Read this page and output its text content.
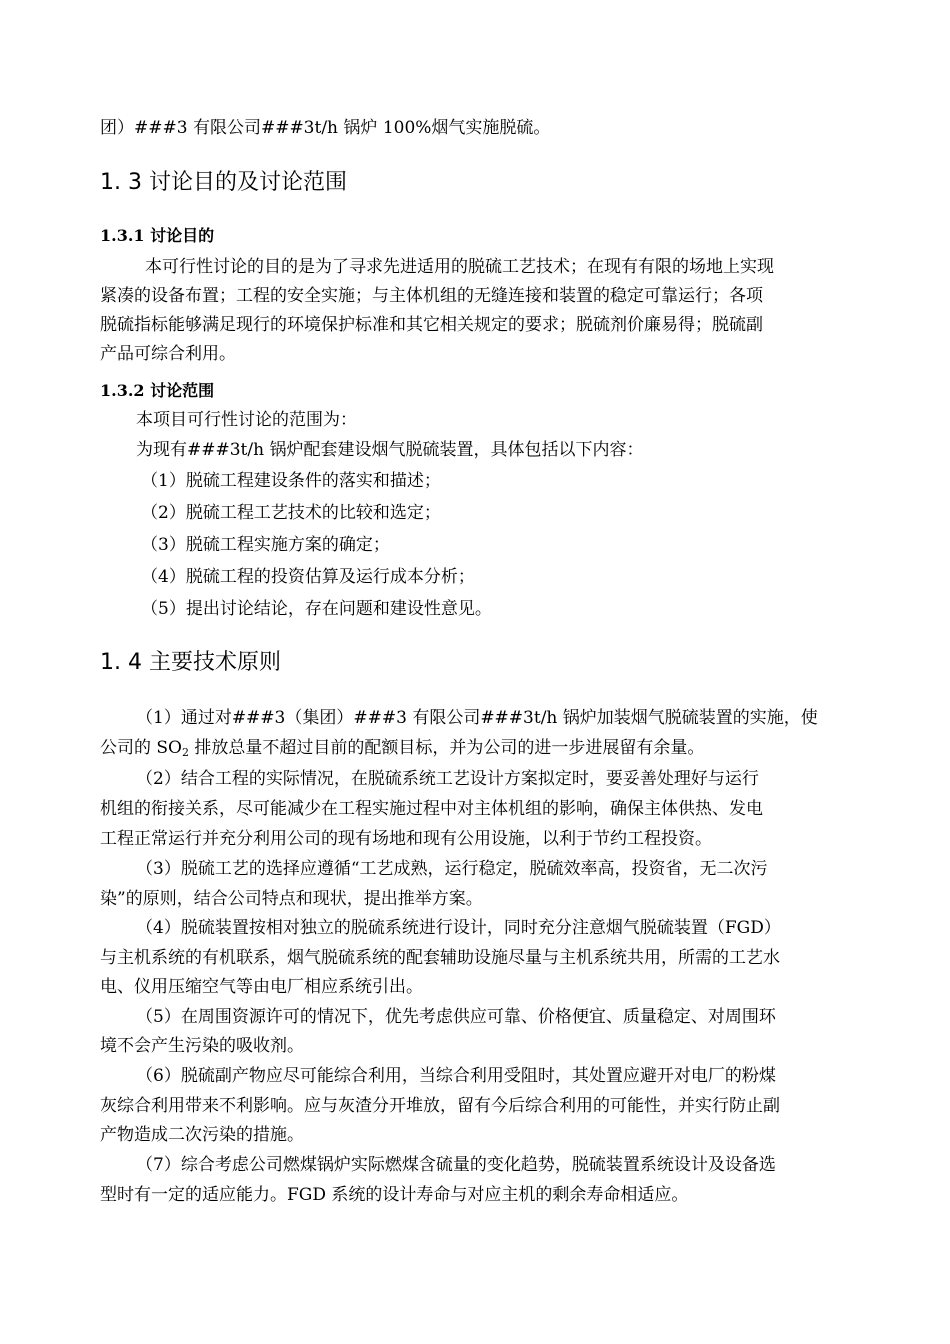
团）###3 有限公司###3t/h 锅炉 100%烟气实施脱硫。
1. 3 讨论目的及讨论范围
1.3.1 讨论目的
本可行性讨论的目的是为了寻求先进适用的脱硫工艺技术；在现有有限的场地上实现
紧凑的设备布置；工程的安全实施；与主体机组的无缝连接和装置的稳定可靠运行；各项
脱硫指标能够满足现行的环境保护标准和其它相关规定的要求；脱硫剂价廉易得；脱硫副
产品可综合利用。
1.3.2 讨论范围
本项目可行性讨论的范围为：
为现有###3t/h 锅炉配套建设烟气脱硫装置，具体包括以下内容：
（1）脱硫工程建设条件的落实和描述；
（2）脱硫工程工艺技术的比较和选定；
（3）脱硫工程实施方案的确定；
（4）脱硫工程的投资估算及运行成本分析；
（5）提出讨论结论，存在问题和建设性意见。
1. 4 主要技术原则
（1）通过对###3（集团）###3 有限公司###3t/h 锅炉加装烟气脱硫装置的实施，使
公司的 $SO_2$ 排放总量不超过目前的配额目标，并为公司的进一步进展留有余量。
（2）结合工程的实际情况，在脱硫系统工艺设计方案拟定时，要妥善处理好与运行
机组的衔接关系，尽可能减少在工程实施过程中对主体机组的影响，确保主体供热、发电
工程正常运行并充分利用公司的现有场地和现有公用设施，以利于节约工程投资。
（3）脱硫工艺的选择应遵循“工艺成熟，运行稳定，脱硫效率高，投资省，无二次污
染”的原则，结合公司特点和现状，提出推举方案。
（4）脱硫装置按相对独立的脱硫系统进行设计，同时充分注意烟气脱硫装置（FGD）
与主机系统的有机联系，烟气脱硫系统的配套辅助设施尽量与主机系统共用，所需的工艺水
电、仪用压缩空气等由电厂相应系统引出。
（5）在周围资源许可的情况下，优先考虑供应可靠、价格便宜、质量稳定、对周围环
境不会产生污染的吸收剂。
（6）脱硫副产物应尽可能综合利用，当综合利用受阻时，其处置应避开对电厂的粉煤
灰综合利用带来不利影响。应与灰渣分开堆放，留有今后综合利用的可能性，并实行防止副
产物造成二次污染的措施。
（7）综合考虑公司燃煤锅炉实际燃煤含硫量的变化趋势，脱硫装置系统设计及设备选
型时有一定的适应能力。FGD 系统的设计寿命与对应主机的剩余寿命相适应。
